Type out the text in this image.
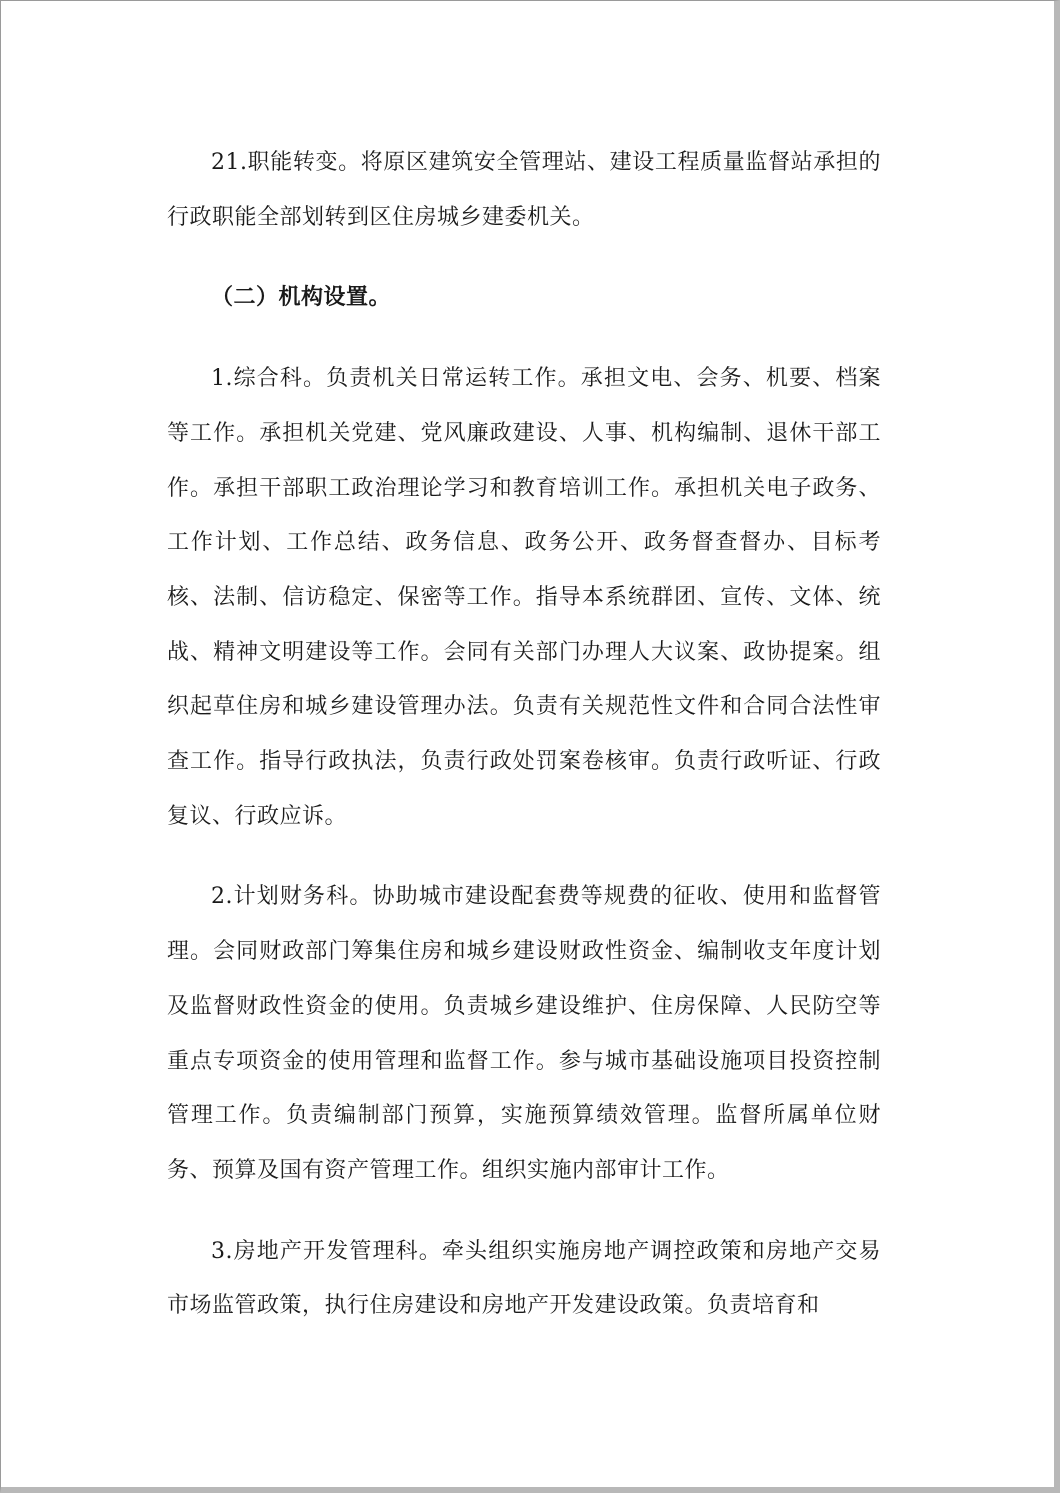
21.职能转变。将原区建筑安全管理站、建设工程质量监督站承担的行政职能全部划转到区住房城乡建委机关。

（二）机构设置。

1.综合科。负责机关日常运转工作。承担文电、会务、机要、档案等工作。承担机关党建、党风廉政建设、人事、机构编制、退休干部工作。承担干部职工政治理论学习和教育培训工作。承担机关电子政务、工作计划、工作总结、政务信息、政务公开、政务督查督办、目标考核、法制、信访稳定、保密等工作。指导本系统群团、宣传、文体、统战、精神文明建设等工作。会同有关部门办理人大议案、政协提案。组织起草住房和城乡建设管理办法。负责有关规范性文件和合同合法性审查工作。指导行政执法，负责行政处罚案卷核审。负责行政听证、行政复议、行政应诉。

2.计划财务科。协助城市建设配套费等规费的征收、使用和监督管理。会同财政部门筹集住房和城乡建设财政性资金、编制收支年度计划及监督财政性资金的使用。负责城乡建设维护、住房保障、人民防空等重点专项资金的使用管理和监督工作。参与城市基础设施项目投资控制管理工作。负责编制部门预算，实施预算绩效管理。监督所属单位财务、预算及国有资产管理工作。组织实施内部审计工作。

3.房地产开发管理科。牵头组织实施房地产调控政策和房地产交易市场监管政策，执行住房建设和房地产开发建设政策。负责培育和
